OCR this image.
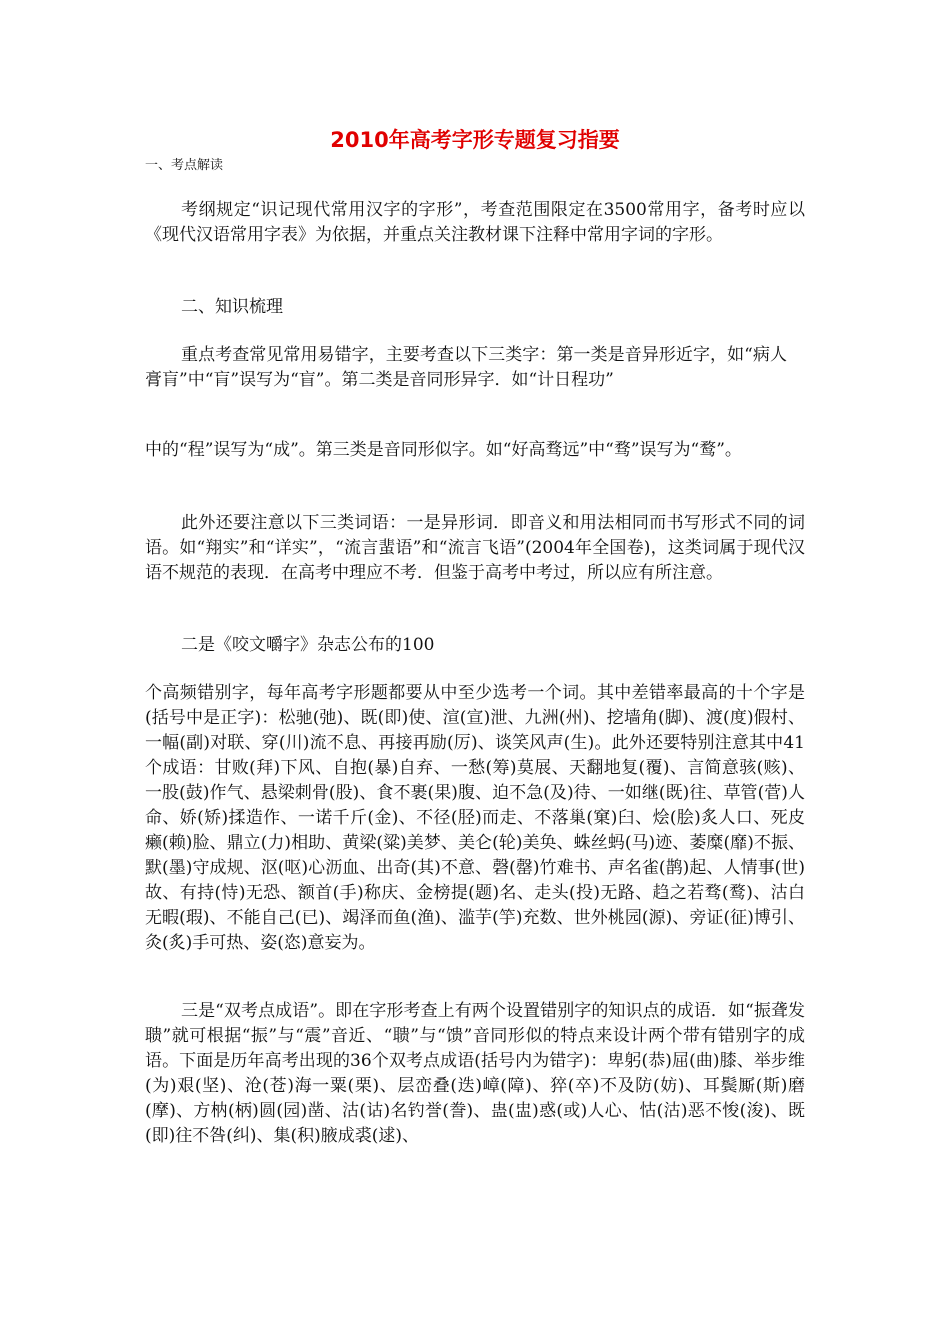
2010年高考字形专题复习指要
一、考点解读

考纲规定“识记现代常用汉字的字形”，考查范围限定在3500常用字，备考时应以《现代汉语常用字表》为依据，并重点关注教材课下注释中常用字词的字形。

二、知识梳理

重点考查常见常用易错字，主要考查以下三类字：第一类是音异形近字，如“病人膏肓”中“肓”误写为“盲”。第二类是音同形异字．如“计日程功”

中的“程”误写为“成”。第三类是音同形似字。如“好高骛远”中“骛”误写为“鹜”。

此外还要注意以下三类词语：一是异形词．即音义和用法相同而书写形式不同的词语。如“翔实”和“详实”，“流言蜚语”和“流言飞语”(2004年全国卷)，这类词属于现代汉语不规范的表现．在高考中理应不考．但鉴于高考中考过，所以应有所注意。

二是《咬文嚼字》杂志公布的100

个高频错别字，每年高考字形题都要从中至少选考一个词。其中差错率最高的十个字是(括号中是正字)：松驰(弛)、既(即)使、渲(宣)泄、九洲(州)、挖墙角(脚)、渡(度)假村、一幅(副)对联、穿(川)流不息、再接再励(厉)、谈笑风声(生)。此外还要特别注意其中41个成语：甘败(拜)下风、自抱(暴)自弃、一愁(筹)莫展、天翻地复(覆)、言简意骇(赅)、一股(鼓)作气、悬梁刺骨(股)、食不裹(果)腹、迫不急(及)待、一如继(既)往、草管(菅)人命、娇(矫)揉造作、一诺千斤(金)、不径(胫)而走、不落巢(窠)臼、烩(脍)炙人口、死皮癞(赖)脸、鼎立(力)相助、黄梁(粱)美梦、美仑(轮)美奂、蛛丝蚂(马)迹、萎糜(靡)不振、默(墨)守成规、沤(呕)心沥血、出奇(其)不意、磬(罄)竹难书、声名雀(鹊)起、人情事(世)故、有持(恃)无恐、额首(手)称庆、金榜提(题)名、走头(投)无路、趋之若骛(鹜)、沽白无暇(瑕)、不能自己(已)、竭泽而鱼(渔)、滥芋(竽)充数、世外桃园(源)、旁证(征)博引、灸(炙)手可热、姿(恣)意妄为。

三是“双考点成语”。即在字形考查上有两个设置错别字的知识点的成语．如“振聋发聩”就可根据“振”与“震”音近、“聩”与“馈”音同形似的特点来设计两个带有错别字的成语。下面是历年高考出现的36个双考点成语(括号内为错字)：卑躬(恭)屈(曲)膝、举步维(为)艰(坚)、沧(苍)海一粟(栗)、层峦叠(迭)嶂(障)、猝(卒)不及防(妨)、耳鬓厮(斯)磨(摩)、方枘(柄)圆(园)凿、沽(诂)名钓誉(誊)、蛊(盅)惑(或)人心、怙(沽)恶不悛(浚)、既(即)往不咎(纠)、集(积)腋成裘(逑)、
